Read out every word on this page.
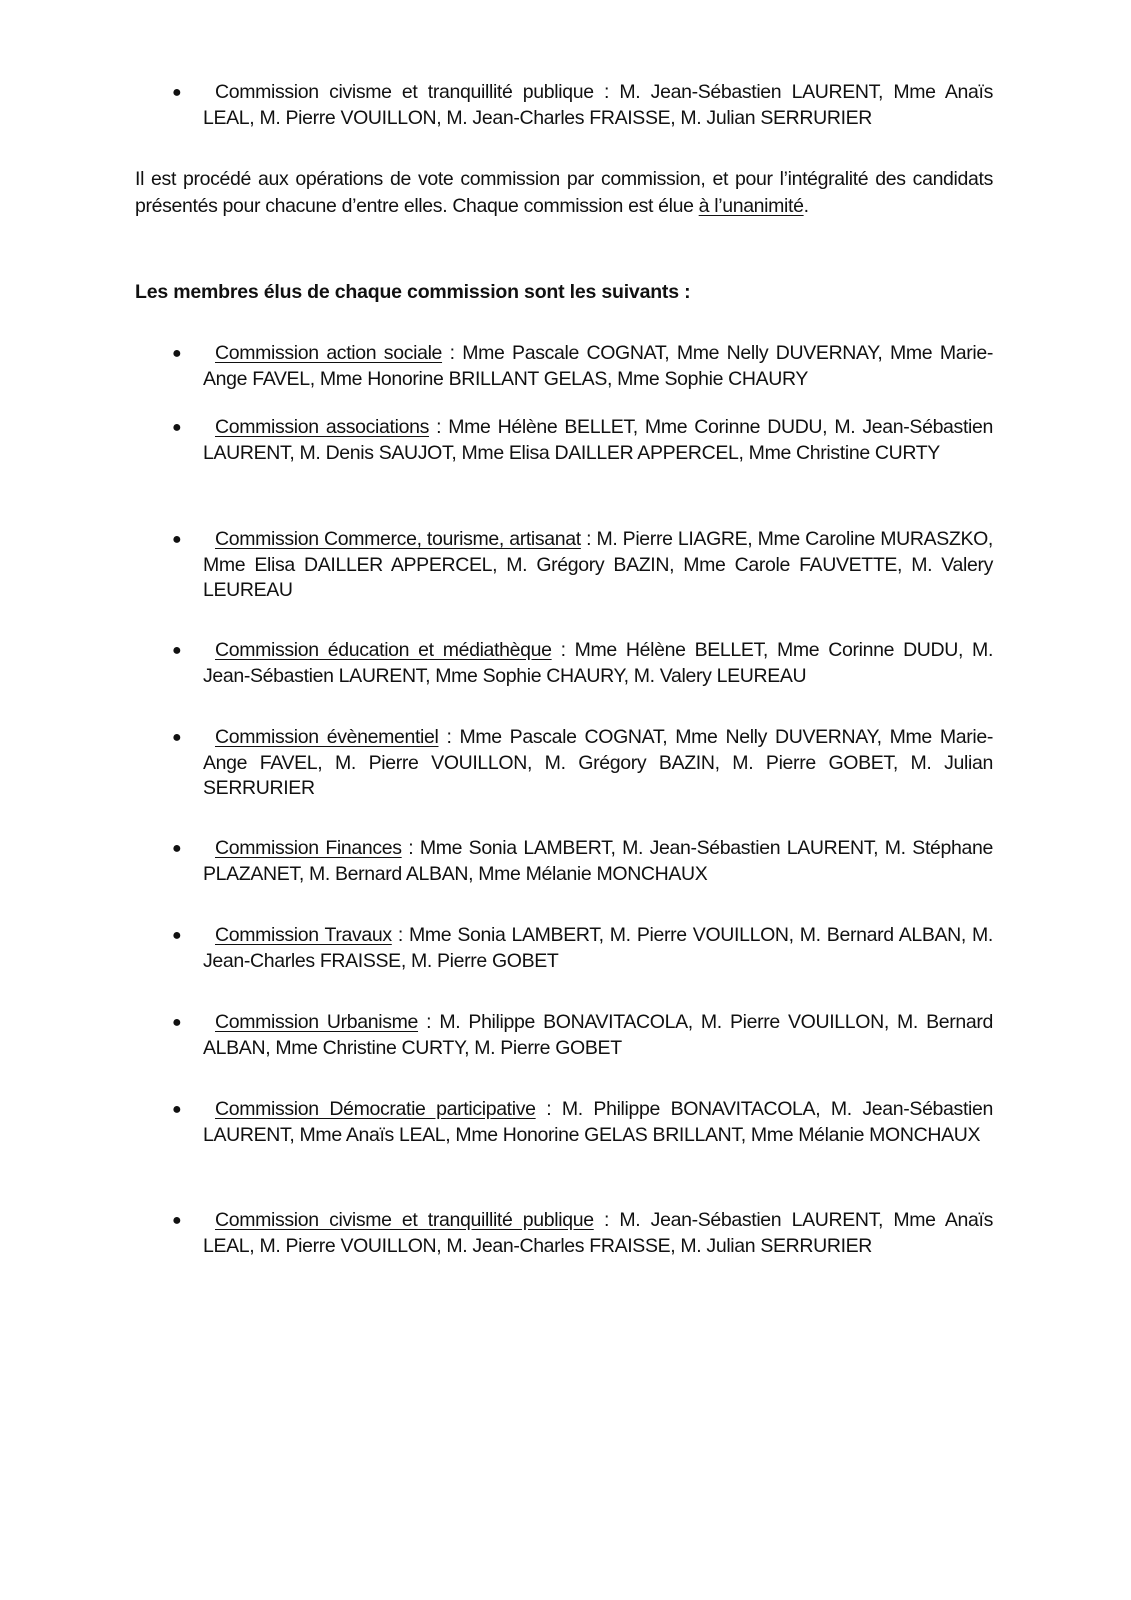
● Commission civisme et tranquillité publique : M. Jean-Sébastien LAURENT, Mme Anaïs LEAL, M. Pierre VOUILLON, M. Jean-Charles FRAISSE, M. Julian SERRURIER
Il est procédé aux opérations de vote commission par commission, et pour l’intégralité des candidats présentés pour chacune d’entre elles. Chaque commission est élue à l’unanimité.
Les membres élus de chaque commission sont les suivants :
● Commission action sociale : Mme Pascale COGNAT, Mme Nelly DUVERNAY, Mme Marie-Ange FAVEL, Mme Honorine BRILLANT GELAS, Mme Sophie CHAURY
● Commission associations : Mme Hélène BELLET, Mme Corinne DUDU, M. Jean-Sébastien LAURENT, M. Denis SAUJOT, Mme Elisa DAILLER APPERCEL, Mme Christine CURTY
● Commission Commerce, tourisme, artisanat : M. Pierre LIAGRE, Mme Caroline MURASZKO, Mme Elisa DAILLER APPERCEL, M. Grégory BAZIN, Mme Carole FAUVETTE, M. Valery LEUREAU
● Commission éducation et médiathèque : Mme Hélène BELLET, Mme Corinne DUDU, M. Jean-Sébastien LAURENT, Mme Sophie CHAURY, M. Valery LEUREAU
● Commission évènementiel : Mme Pascale COGNAT, Mme Nelly DUVERNAY, Mme Marie-Ange FAVEL, M. Pierre VOUILLON, M. Grégory BAZIN, M. Pierre GOBET, M. Julian SERRURIER
● Commission Finances : Mme Sonia LAMBERT, M. Jean-Sébastien LAURENT, M. Stéphane PLAZANET, M. Bernard ALBAN, Mme Mélanie MONCHAUX
● Commission Travaux : Mme Sonia LAMBERT, M. Pierre VOUILLON, M. Bernard ALBAN, M. Jean-Charles FRAISSE, M. Pierre GOBET
● Commission Urbanisme : M. Philippe BONAVITACOLA, M. Pierre VOUILLON, M. Bernard ALBAN, Mme Christine CURTY, M. Pierre GOBET
● Commission Démocratie participative : M. Philippe BONAVITACOLA, M. Jean-Sébastien LAURENT, Mme Anaïs LEAL, Mme Honorine GELAS BRILLANT, Mme Mélanie MONCHAUX
● Commission civisme et tranquillité publique : M. Jean-Sébastien LAURENT, Mme Anaïs LEAL, M. Pierre VOUILLON, M. Jean-Charles FRAISSE, M. Julian SERRURIER
